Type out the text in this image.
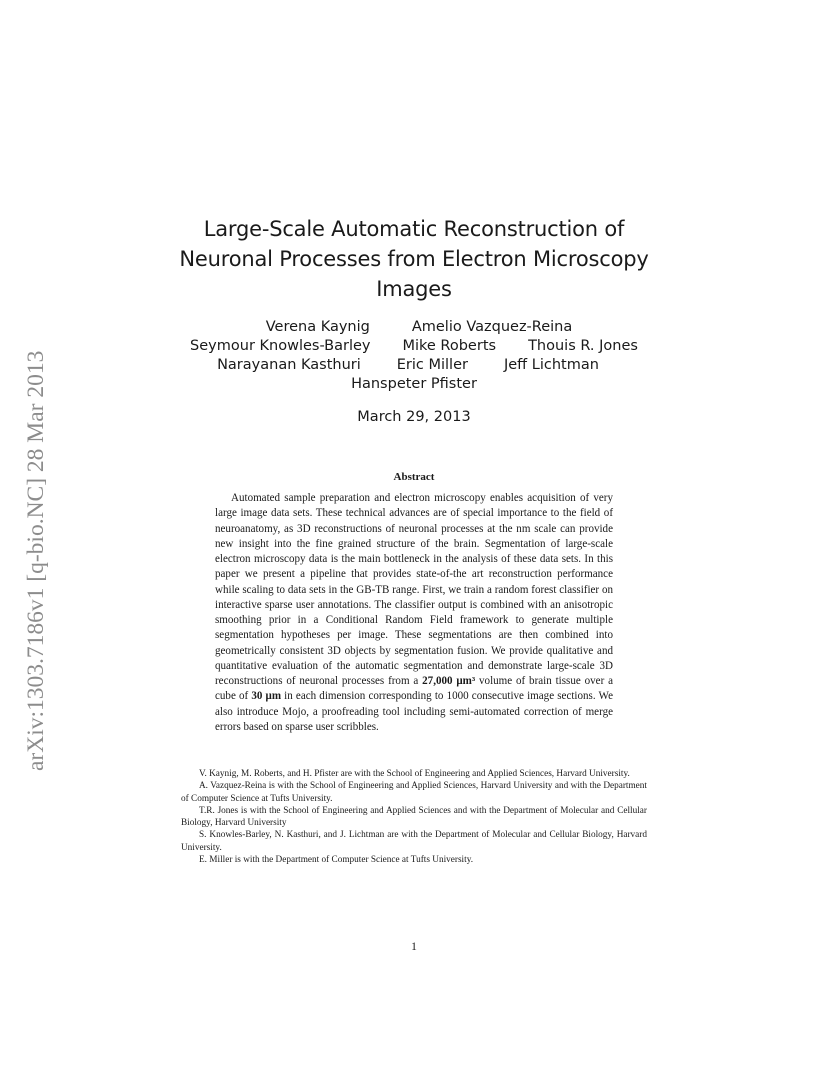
arXiv:1303.7186v1 [q-bio.NC] 28 Mar 2013
Large-Scale Automatic Reconstruction of
Neuronal Processes from Electron Microscopy
Images
Verena Kaynig	Amelio Vazquez-Reina
Seymour Knowles-Barley Mike Roberts Thouis R. Jones
Narayanan Kasthuri Eric Miller Jeff Lichtman
Hanspeter Pfister
March 29, 2013
Abstract

Automated sample preparation and electron microscopy enables acquisition of very large image data sets. These technical advances are of special importance to the field of neuroanatomy, as 3D reconstructions of neuronal processes at the nm scale can provide new insight into the fine grained structure of the brain. Segmentation of large-scale electron microscopy data is the main bottleneck in the analysis of these data sets. In this paper we present a pipeline that provides state-of-the art reconstruction performance while scaling to data sets in the GB-TB range. First, we train a random forest classifier on interactive sparse user annotations. The classifier output is combined with an anisotropic smoothing prior in a Conditional Random Field framework to generate multiple segmentation hypotheses per image. These segmentations are then combined into geometrically consistent 3D objects by segmentation fusion. We provide qualitative and quantitative evaluation of the automatic segmentation and demonstrate large-scale 3D reconstructions of neuronal processes from a 27,000 μm³ volume of brain tissue over a cube of 30 μm in each dimension corresponding to 1000 consecutive image sections. We also introduce Mojo, a proofreading tool including semi-automated correction of merge errors based on sparse user scribbles.

V. Kaynig, M. Roberts, and H. Pfister are with the School of Engineering and Applied Sciences, Harvard University.

A. Vazquez-Reina is with the School of Engineering and Applied Sciences, Harvard University and with the Department of Computer Science at Tufts University.

T.R. Jones is with the School of Engineering and Applied Sciences and with the Department of Molecular and Cellular Biology, Harvard University

S. Knowles-Barley, N. Kasthuri, and J. Lichtman are with the Department of Molecular and Cellular Biology, Harvard University.

E. Miller is with the Department of Computer Science at Tufts University.

1
